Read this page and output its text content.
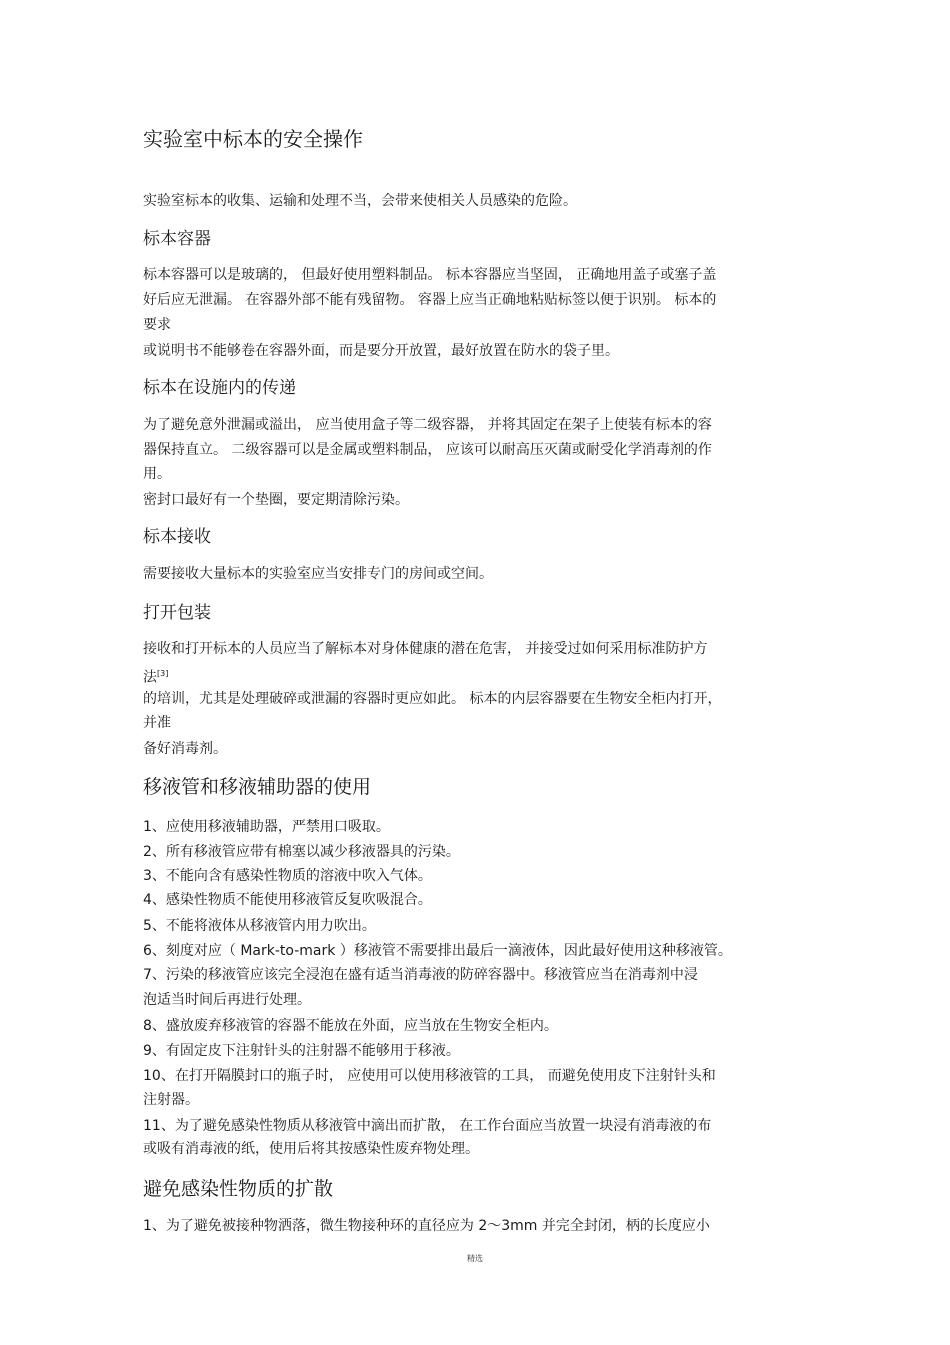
实验室中标本的安全操作
实验室标本的收集、运输和处理不当，会带来使相关人员感染的危险。
标本容器
标本容器可以是玻璃的， 但最好使用塑料制品。 标本容器应当坚固， 正确地用盖子或塞子盖
好后应无泄漏。 在容器外部不能有残留物。 容器上应当正确地粘贴标签以便于识别。 标本的
要求
或说明书不能够卷在容器外面，而是要分开放置，最好放置在防水的袋子里。
标本在设施内的传递
为了避免意外泄漏或溢出， 应当使用盒子等二级容器， 并将其固定在架子上使装有标本的容
器保持直立。 二级容器可以是金属或塑料制品， 应该可以耐高压灭菌或耐受化学消毒剂的作
用。
密封口最好有一个垫圈，要定期清除污染。
标本接收
需要接收大量标本的实验室应当安排专门的房间或空间。
打开包装
接收和打开标本的人员应当了解标本对身体健康的潜在危害， 并接受过如何采用标准防护方
法[3]
的培训，尤其是处理破碎或泄漏的容器时更应如此。 标本的内层容器要在生物安全柜内打开，
并准
备好消毒剂。
移液管和移液辅助器的使用
1、应使用移液辅助器，严禁用口吸取。
2、所有移液管应带有棉塞以减少移液器具的污染。
3、不能向含有感染性物质的溶液中吹入气体。
4、感染性物质不能使用移液管反复吹吸混合。
5、不能将液体从移液管内用力吹出。
6、刻度对应（ Mark-to-mark ）移液管不需要排出最后一滴液体，因此最好使用这种移液管。
7、污染的移液管应该完全浸泡在盛有适当消毒液的防碎容器中。移液管应当在消毒剂中浸
泡适当时间后再进行处理。
8、盛放废弃移液管的容器不能放在外面，应当放在生物安全柜内。
9、有固定皮下注射针头的注射器不能够用于移液。
10、在打开隔膜封口的瓶子时， 应使用可以使用移液管的工具， 而避免使用皮下注射针头和
注射器。
11、为了避免感染性物质从移液管中滴出而扩散， 在工作台面应当放置一块浸有消毒液的布
或吸有消毒液的纸，使用后将其按感染性废弃物处理。
避免感染性物质的扩散
1、为了避免被接种物洒落，微生物接种环的直径应为 2～3mm 并完全封闭，柄的长度应小
精选
